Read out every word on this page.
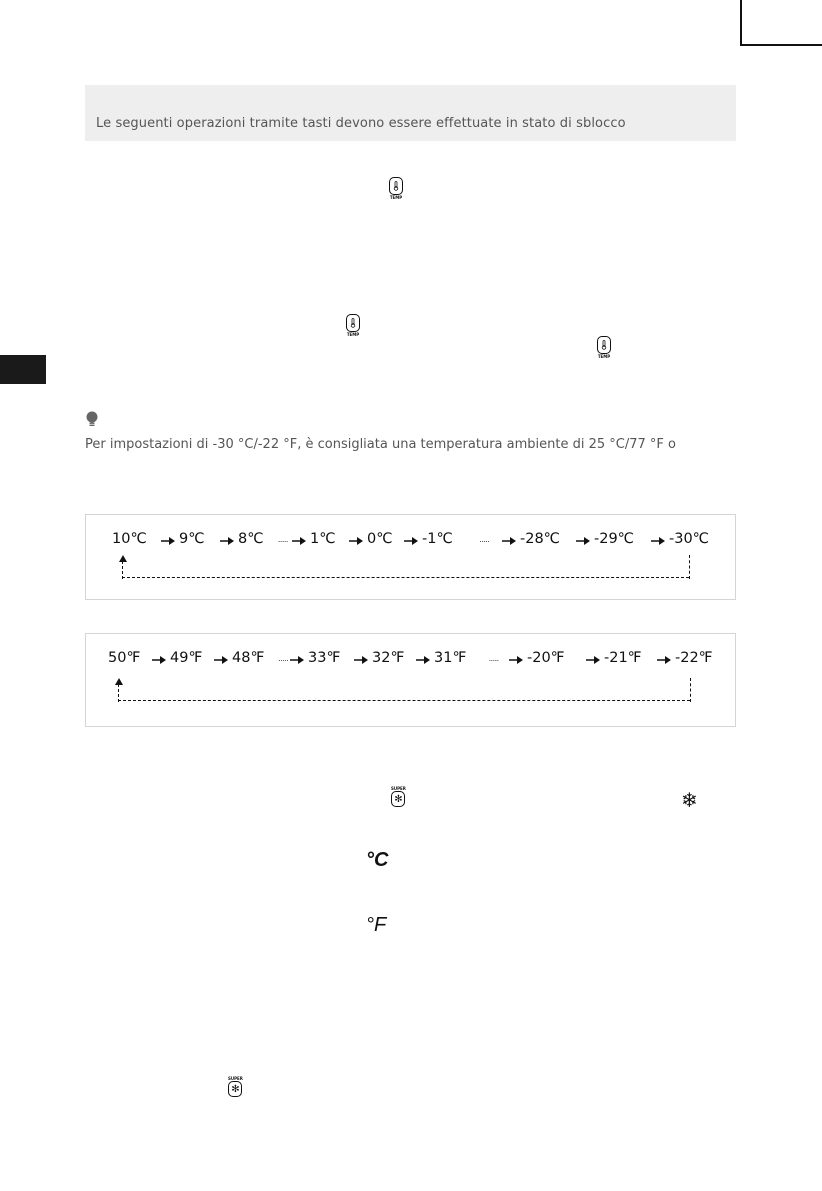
Le seguenti operazioni tramite tasti devono essere effettuate in stato di sblocco
TEMP
TEMP
TEMP
Per impostazioni di -30 °C/-22 °F, è consigliata una temperatura ambiente di 25 °C/77 °F o
10℃ 9℃ 8℃ ····· 1℃ 0℃ -1℃	····· -28℃ -29℃ -30℃
50℉ 49℉ 48℉ ····· 33℉ 32℉ 31℉ ····· -20℉	-21℉ -22℉
SUPER
✻	❄
°C
°F
SUPER
✻
